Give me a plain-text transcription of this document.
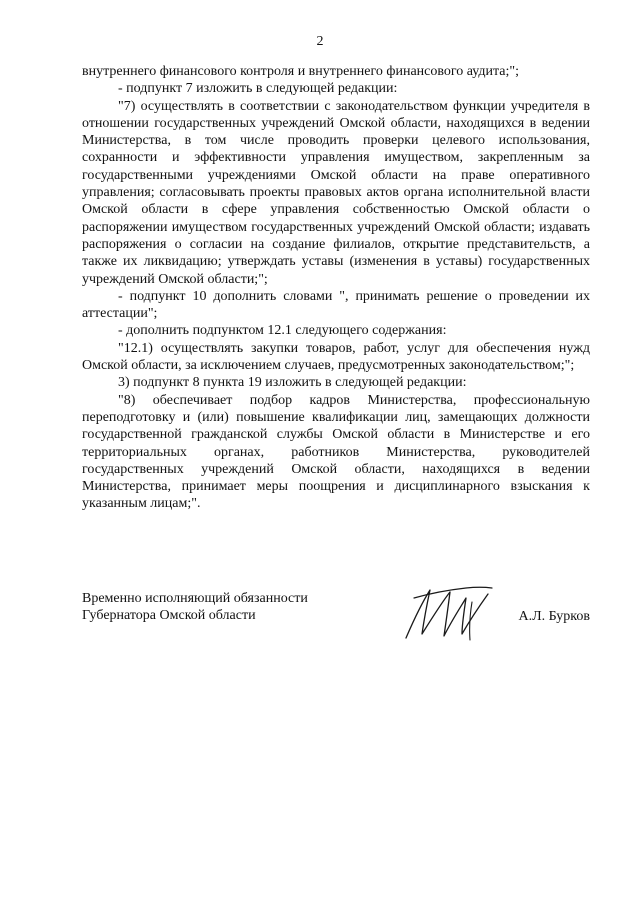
2

внутреннего финансового контроля и внутреннего финансового аудита;";

- подпункт 7 изложить в следующей редакции:

"7) осуществлять в соответствии с законодательством функции учредителя в отношении государственных учреждений Омской области, находящихся в ведении Министерства, в том числе проводить проверки целевого использования, сохранности и эффективности управления имуществом, закрепленным за государственными учреждениями Омской области на праве оперативного управления; согласовывать проекты правовых актов органа исполнительной власти Омской области в сфере управления собственностью Омской области о распоряжении имуществом государственных учреждений Омской области; издавать распоряжения о согласии на создание филиалов, открытие представительств, а также их ликвидацию; утверждать уставы (изменения в уставы) государственных учреждений Омской области;";

- подпункт 10 дополнить словами ", принимать решение о проведении их аттестации";

- дополнить подпунктом 12.1 следующего содержания:

"12.1) осуществлять закупки товаров, работ, услуг для обеспечения нужд Омской области, за исключением случаев, предусмотренных законодательством;";

3) подпункт 8 пункта 19 изложить в следующей редакции:

"8) обеспечивает подбор кадров Министерства, профессиональную переподготовку и (или) повышение квалификации лиц, замещающих должности государственной гражданской службы Омской области в Министерстве и его территориальных органах, работников Министерства, руководителей государственных учреждений Омской области, находящихся в ведении Министерства, принимает меры поощрения и дисциплинарного взыскания к указанным лицам;".

Временно исполняющий обязанности
Губернатора Омской области	А.Л. Бурков
